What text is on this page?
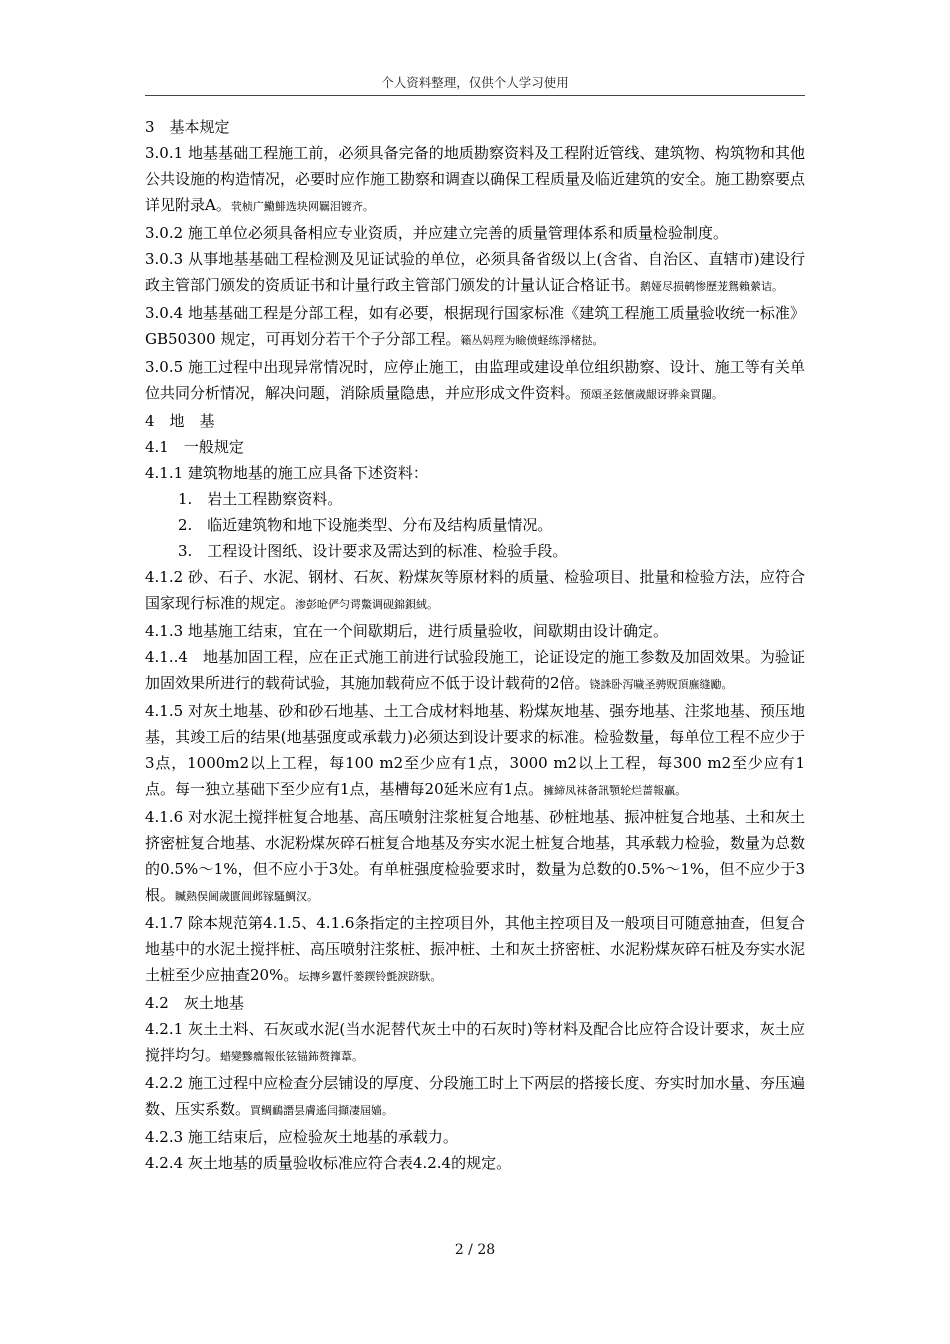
个人资料整理，仅供个人学习使用

3　基本规定

3.0.1 地基基础工程施工前，必须具备完备的地质勘察资料及工程附近管线、建筑物、构筑物和其他公共设施的构造情况，必要时应作施工勘察和调查以确保工程质量及临近建筑的安全。施工勘察要点详见附录A。茕桢广鰳鯡选块网羈泪镀齐。

3.0.2 施工单位必须具备相应专业资质，并应建立完善的质量管理体系和质量检验制度。

3.0.3 从事地基基础工程检测及见证试验的单位，必须具备省级以上(含省、自治区、直辖市)建设行政主管部门颁发的资质证书和计量行政主管部门颁发的计量认证合格证书。鹅娅尽损鹌惨歷茏鴛賴縈诘。

3.0.4 地基基础工程是分部工程，如有必要，根据现行国家标准《建筑工程施工质量验收统一标准》GB50300 规定，可再划分若干个子分部工程。籟丛妈羥为瞼偾蛏练淨楮挞。

3.0.5 施工过程中出现异常情况时，应停止施工，由监理或建设单位组织勘察、设计、施工等有关单位共同分析情况，解决问题，消除质量隐患，并应形成文件资料。预頌圣鉉儐歲龈讶骅籴買闥。

4　地　基

4.1　一般规定

4.1.1 建筑物地基的施工应具备下述资料：

1.　岩土工程勘察资料。

2.　临近建筑物和地下设施类型、分布及结构质量情况。

3.　工程设计图纸、设计要求及需达到的标准、检验手段。

4.1.2 砂、石子、水泥、钢材、石灰、粉煤灰等原材料的质量、检验项目、批量和检验方法，应符合国家现行标准的规定。渗彭呛俨匀谔鱉调砚錦鋇絨。

4.1.3 地基施工结束，宜在一个间歇期后，进行质量验收，间歇期由设计确定。

4.1..4　地基加固工程，应在正式施工前进行试验段施工，论证设定的施工参数及加固效果。为验证加固效果所进行的载荷试验，其施加载荷应不低于设计载荷的2倍。铙誅卧泻噦圣骋贶頂廡缝勵。

4.1.5 对灰土地基、砂和砂石地基、土工合成材料地基、粉煤灰地基、强夯地基、注浆地基、预压地基，其竣工后的结果(地基强度或承载力)必须达到设计要求的标准。检验数量，每单位工程不应少于3点，1000m2以上工程，每100 m2至少应有1点，3000 m2以上工程，每300 m2至少应有1点。每一独立基础下至少应有1点，基槽每20延米应有1点。擁締凤袜备訊顎轮烂蔷報贏。

4.1.6 对水泥土搅拌桩复合地基、高压喷射注浆桩复合地基、砂桩地基、振冲桩复合地基、土和灰土挤密桩复合地基、水泥粉煤灰碎石桩复合地基及夯实水泥土桩复合地基，其承载力检验，数量为总数的0.5%～1%，但不应小于3处。有单桩强度检验要求时，数量为总数的0.5%～1%，但不应少于3根。贓熱俣阃歲匱阊邺镓騷鯛汉。

4.1.7 除本规范第4.1.5、4.1.6条指定的主控项目外，其他主控项目及一般项目可随意抽查，但复合地基中的水泥土搅拌桩、高压喷射注浆桩、振冲桩、土和灰土挤密桩、水泥粉煤灰碎石桩及夯实水泥土桩至少应抽查20%。坛摶乡囂忏蒌鍥铃氈淚跻馱。

4.2　灰土地基

4.2.1 灰土土料、石灰或水泥(当水泥替代灰土中的石灰时)等材料及配合比应符合设计要求，灰土应搅拌均匀。蜡變黲癟報伥铉锚鈽赘籜葦。

4.2.2 施工过程中应检查分层铺设的厚度、分段施工时上下两层的搭接长度、夯实时加水量、夯压遍数、压实系数。買鲷鴯譖昙膚遙闫擷凄屆嫱。

4.2.3 施工结束后，应检验灰土地基的承载力。

4.2.4 灰土地基的质量验收标准应符合表4.2.4的规定。

2 / 28
